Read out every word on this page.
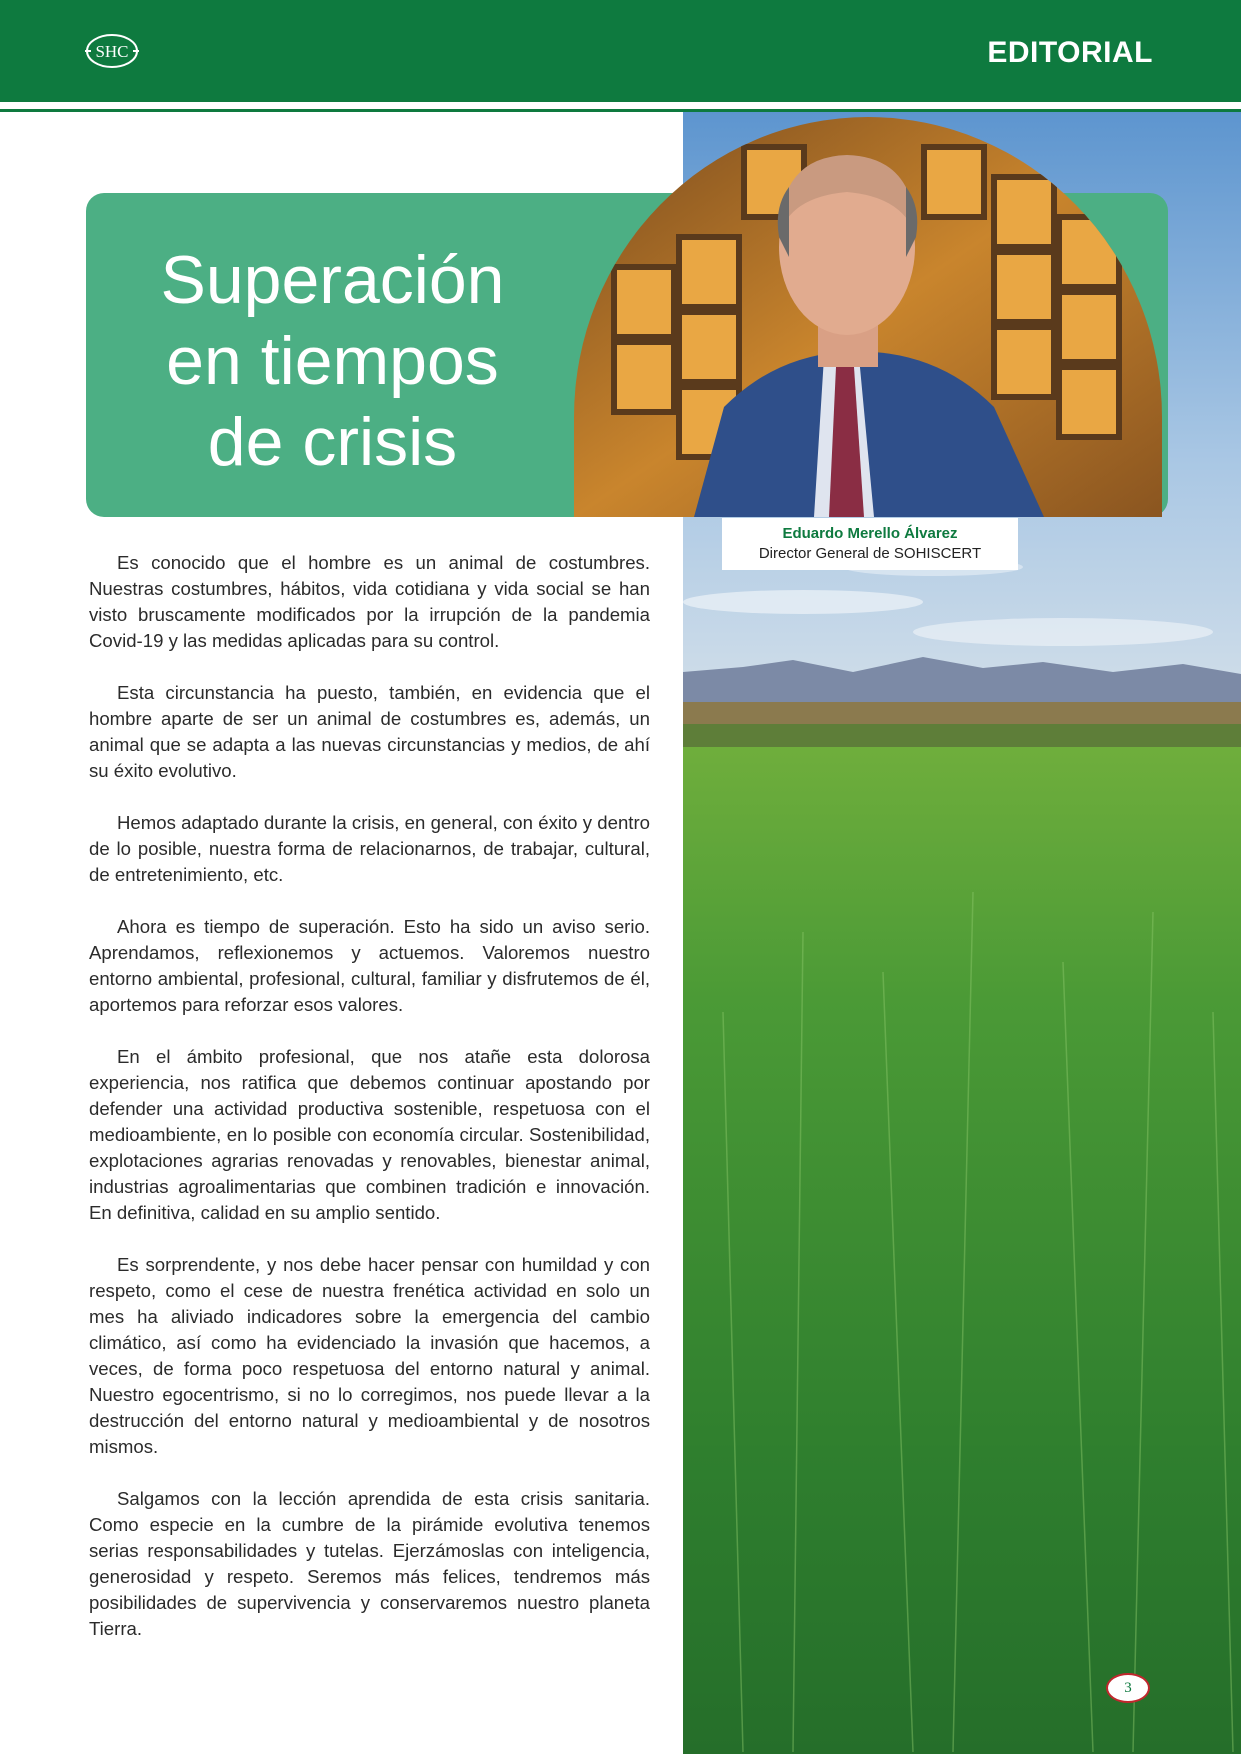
SHC	EDITORIAL
Superación
en tiempos
de crisis
Eduardo Merello Álvarez
Director General de SOHISCERT

Es conocido que el hombre es un animal de costumbres. Nuestras costumbres, hábitos, vida cotidiana y vida social se han visto bruscamente modificados por la irrupción de la pandemia Covid-19 y las medidas aplicadas para su control.

Esta circunstancia ha puesto, también, en evidencia que el hombre aparte de ser un animal de costumbres es, además, un animal que se adapta a las nuevas circunstancias y medios, de ahí su éxito evolutivo.

Hemos adaptado durante la crisis, en general, con éxito y dentro de lo posible, nuestra forma de relacionarnos, de trabajar, cultural, de entretenimiento, etc.

Ahora es tiempo de superación. Esto ha sido un aviso serio. Aprendamos, reflexionemos y actuemos. Valoremos nuestro entorno ambiental, profesional, cultural, familiar y disfrutemos de él, aportemos para reforzar esos valores.

En el ámbito profesional, que nos atañe esta dolorosa experiencia, nos ratifica que debemos continuar apostando por defender una actividad productiva sostenible, respetuosa con el medioambiente, en lo posible con economía circular. Sostenibilidad, explotaciones agrarias renovadas y renovables, bienestar animal, industrias agroalimentarias que combinen tradición e innovación. En definitiva, calidad en su amplio sentido.

Es sorprendente, y nos debe hacer pensar con humildad y con respeto, como el cese de nuestra frenética actividad en solo un mes ha aliviado indicadores sobre la emergencia del cambio climático, así como ha evidenciado la invasión que hacemos, a veces, de forma poco respetuosa del entorno natural y animal. Nuestro egocentrismo, si no lo corregimos, nos puede llevar a la destrucción del entorno natural y medioambiental y de nosotros mismos.

Salgamos con la lección aprendida de esta crisis sanitaria. Como especie en la cumbre de la pirámide evolutiva tenemos serias responsabilidades y tutelas. Ejerzámoslas con inteligencia, generosidad y respeto. Seremos más felices, tendremos más posibilidades de supervivencia y conservaremos nuestro planeta Tierra.

3
